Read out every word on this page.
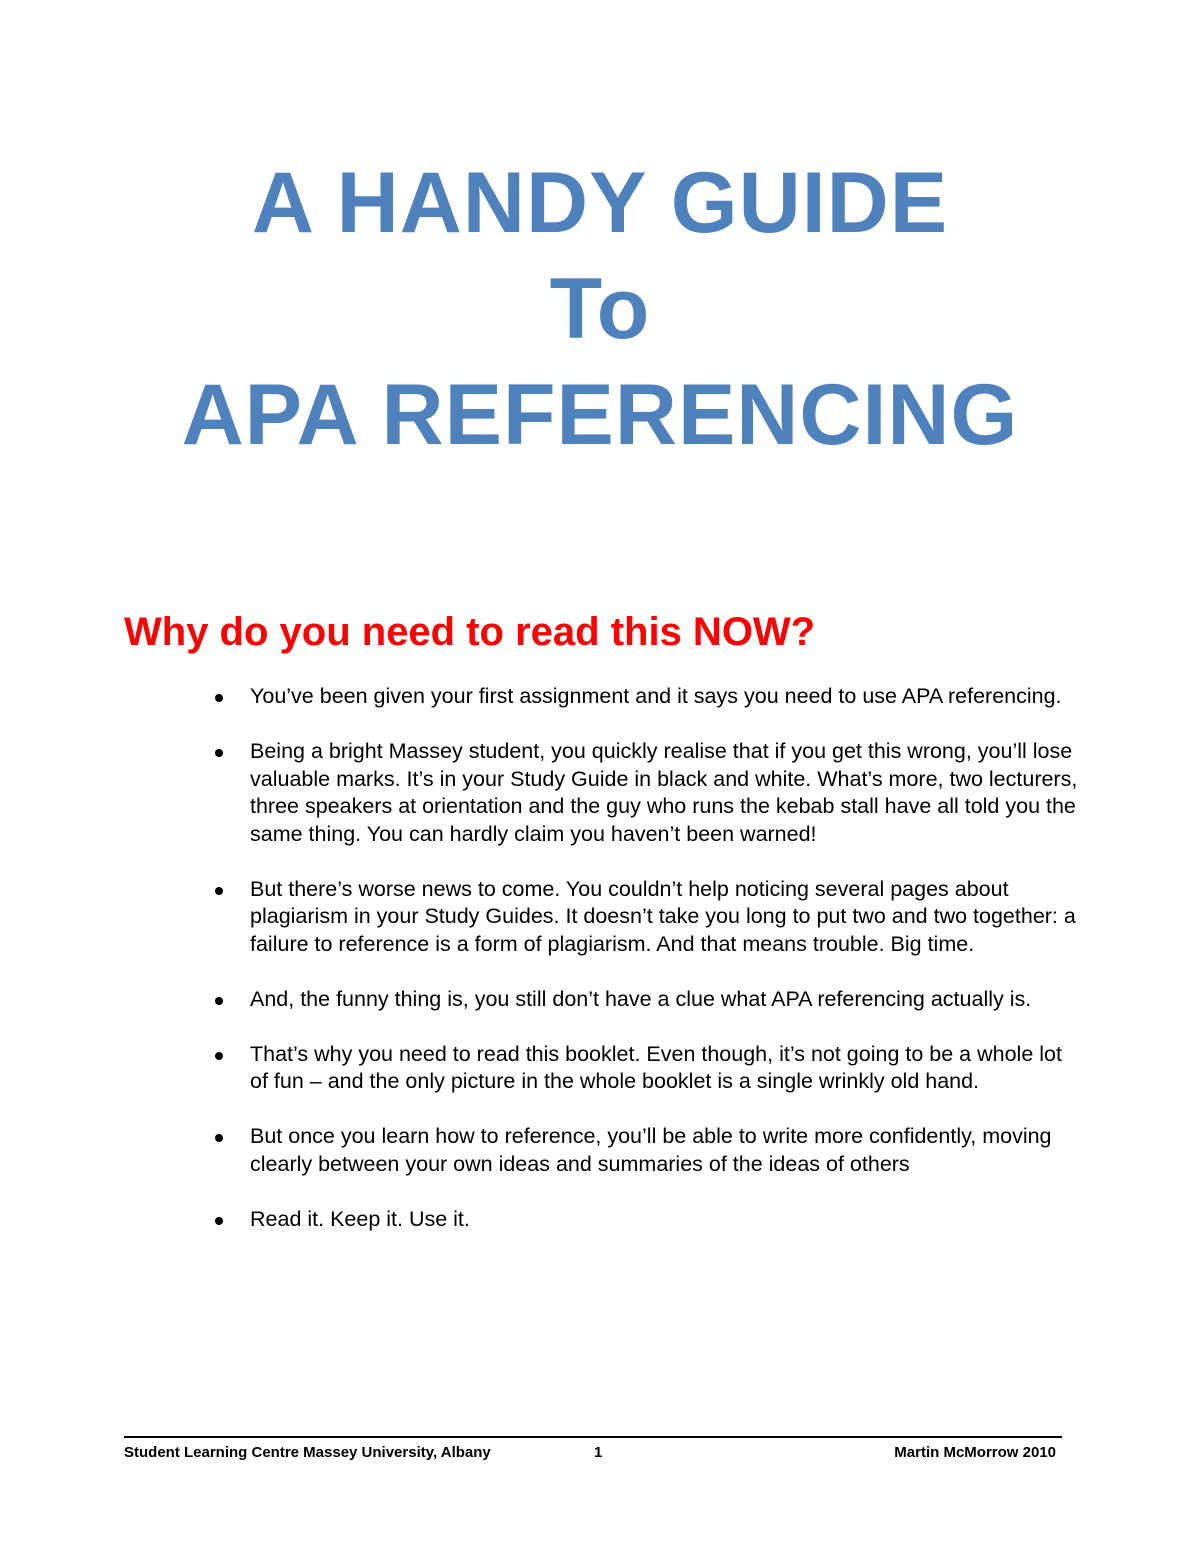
A HANDY GUIDE
To
APA REFERENCING
Why do you need to read this NOW?
You’ve been given your first assignment and it says you need to use APA referencing.
Being a bright Massey student, you quickly realise that if you get this wrong, you’ll lose valuable marks. It’s in your Study Guide in black and white. What’s more, two lecturers, three speakers at orientation and the guy who runs the kebab stall have all told you the same thing. You can hardly claim you haven’t been warned!
But there’s worse news to come. You couldn’t help noticing several pages about plagiarism in your Study Guides. It doesn’t take you long to put two and two together: a failure to reference is a form of plagiarism. And that means trouble. Big time.
And, the funny thing is, you still don’t have a clue what APA referencing actually is.
That’s why you need to read this booklet. Even though, it’s not going to be a whole lot of fun – and the only picture in the whole booklet is a single wrinkly old hand.
But once you learn how to reference, you’ll be able to write more confidently, moving clearly between your own ideas and summaries of the ideas of others
Read it. Keep it. Use it.
Student Learning Centre Massey University, Albany	1	Martin McMorrow 2010
